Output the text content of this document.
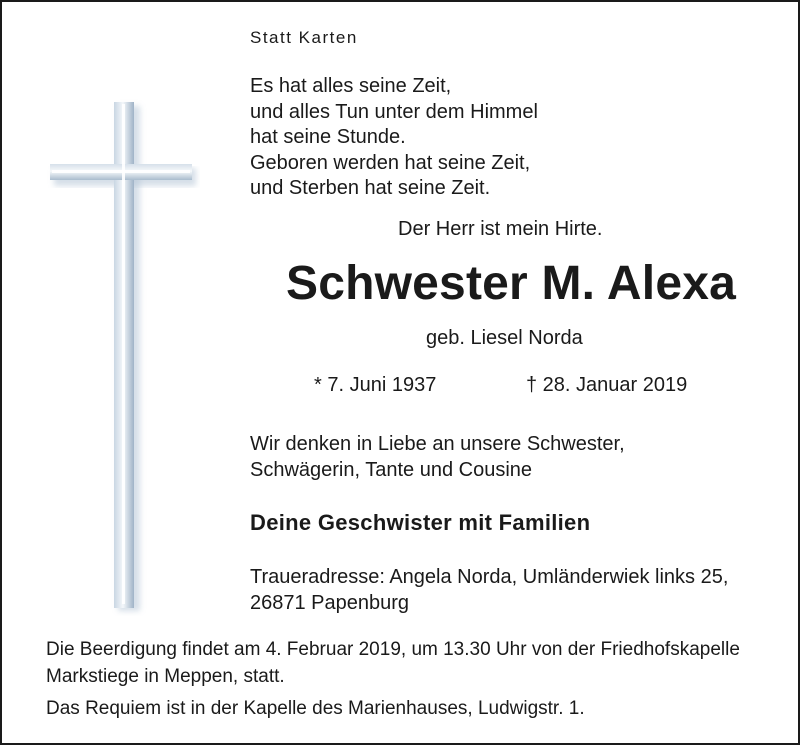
Statt Karten
Es hat alles seine Zeit,
und alles Tun unter dem Himmel
hat seine Stunde.
Geboren werden hat seine Zeit,
und Sterben hat seine Zeit.
Der Herr ist mein Hirte.
Schwester M. Alexa
geb. Liesel Norda
* 7. Juni 1937	† 28. Januar 2019
Wir denken in Liebe an unsere Schwester,
Schwägerin, Tante und Cousine
Deine Geschwister mit Familien
Traueradresse: Angela Norda, Umländerwiek links 25,
26871 Papenburg
Die Beerdigung findet am 4. Februar 2019, um 13.30 Uhr von der Friedhofskapelle
Markstiege in Meppen, statt.
Das Requiem ist in der Kapelle des Marienhauses, Ludwigstr. 1.
